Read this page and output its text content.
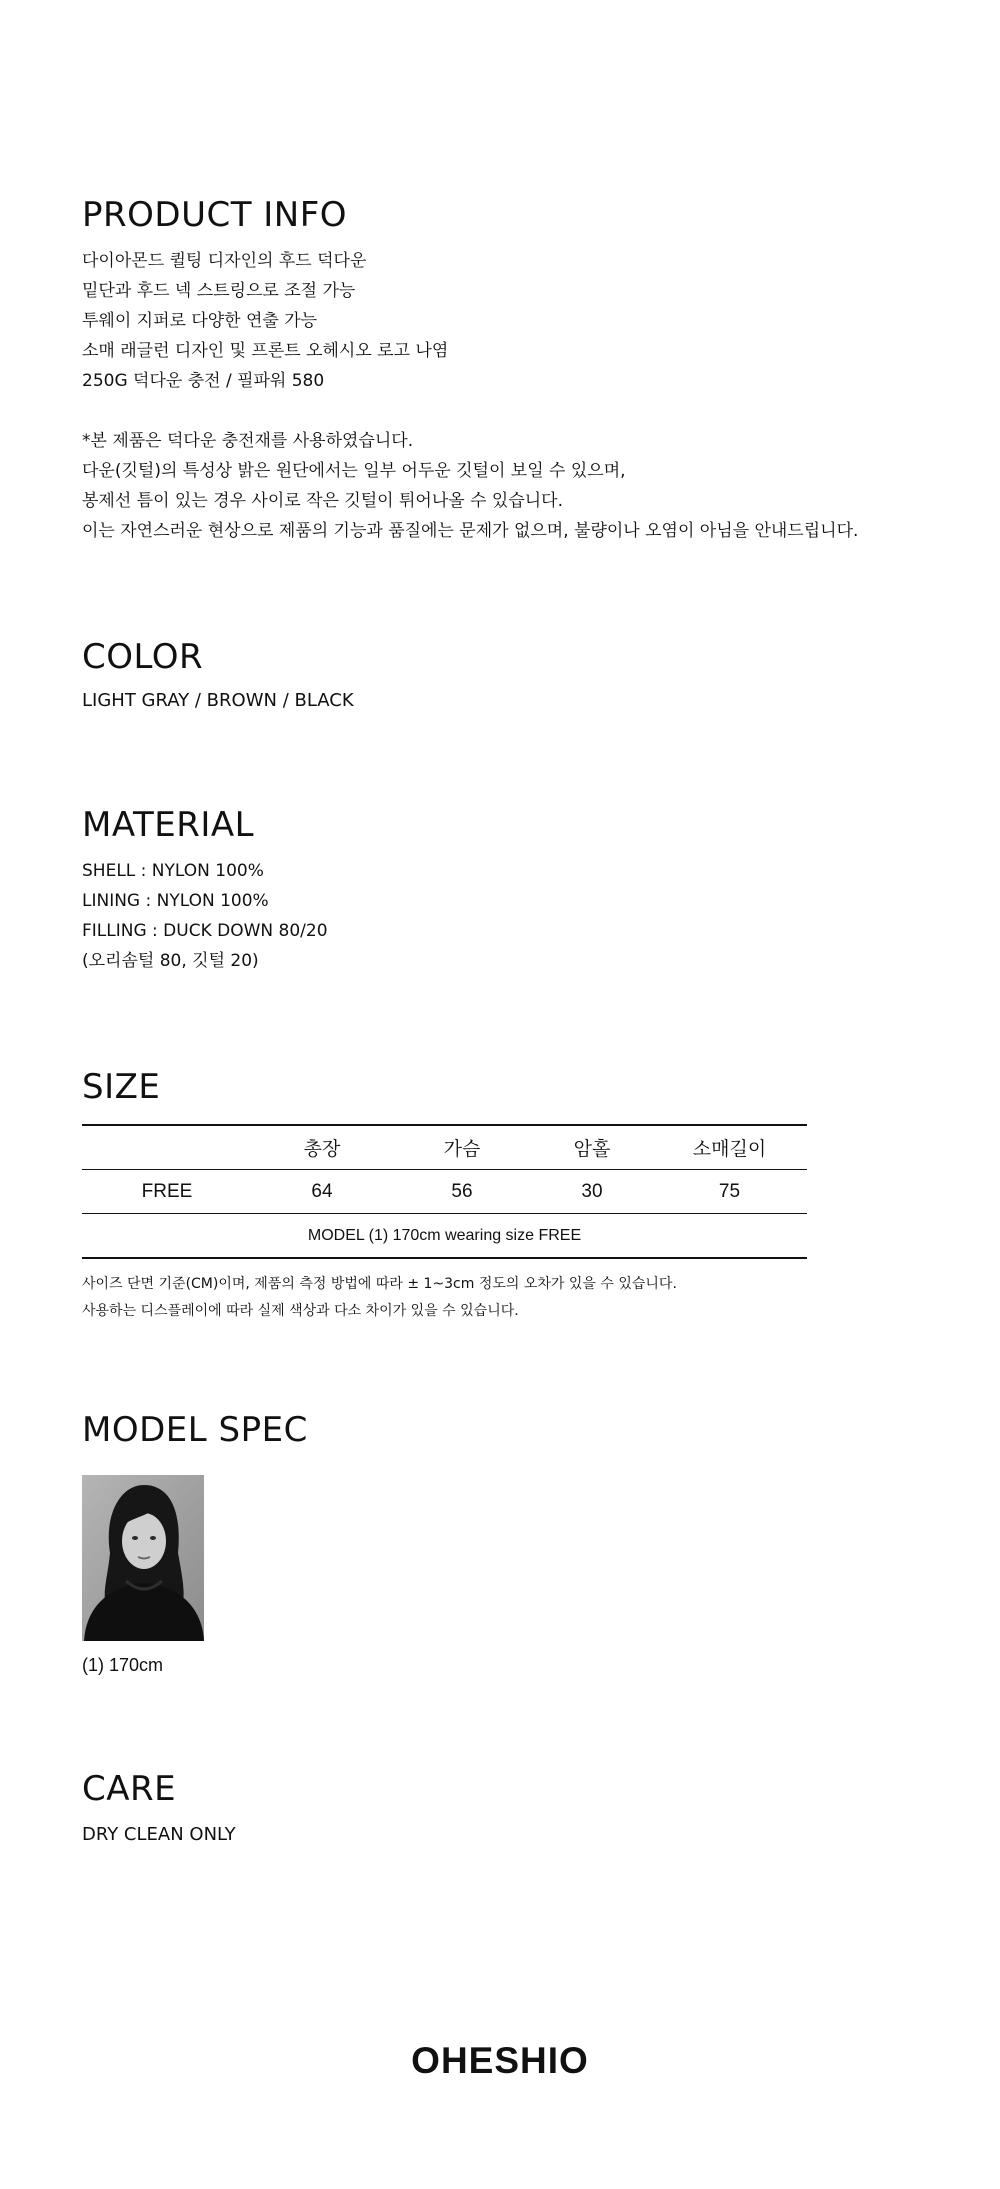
PRODUCT INFO

다이아몬드 퀼팅 디자인의 후드 덕다운

밑단과 후드 넥 스트링으로 조절 가능

투웨이 지퍼로 다양한 연출 가능

소매 래글런 디자인 및 프론트 오헤시오 로고 나염

250G 덕다운 충전 / 필파워 580

*본 제품은 덕다운 충전재를 사용하였습니다.

다운(깃털)의 특성상 밝은 원단에서는 일부 어두운 깃털이 보일 수 있으며,

봉제선 틈이 있는 경우 사이로 작은 깃털이 튀어나올 수 있습니다.

이는 자연스러운 현상으로 제품의 기능과 품질에는 문제가 없으며, 불량이나 오염이 아님을 안내드립니다.

COLOR
LIGHT GRAY / BROWN / BLACK
MATERIAL

SHELL : NYLON 100%

LINING : NYLON 100%

FILLING : DUCK DOWN 80/20

(오리솜털 80, 깃털 20)

SIZE
	총장	가슴	암홀	소매길이
FREE	64	56	30	75
MODEL (1) 170cm wearing size FREE				

사이즈 단면 기준(CM)이며, 제품의 측정 방법에 따라 ± 1~3cm 정도의 오차가 있을 수 있습니다.

사용하는 디스플레이에 따라 실제 색상과 다소 차이가 있을 수 있습니다.

MODEL SPEC
(1) 170cm
CARE
DRY CLEAN ONLY
OHESHIO
